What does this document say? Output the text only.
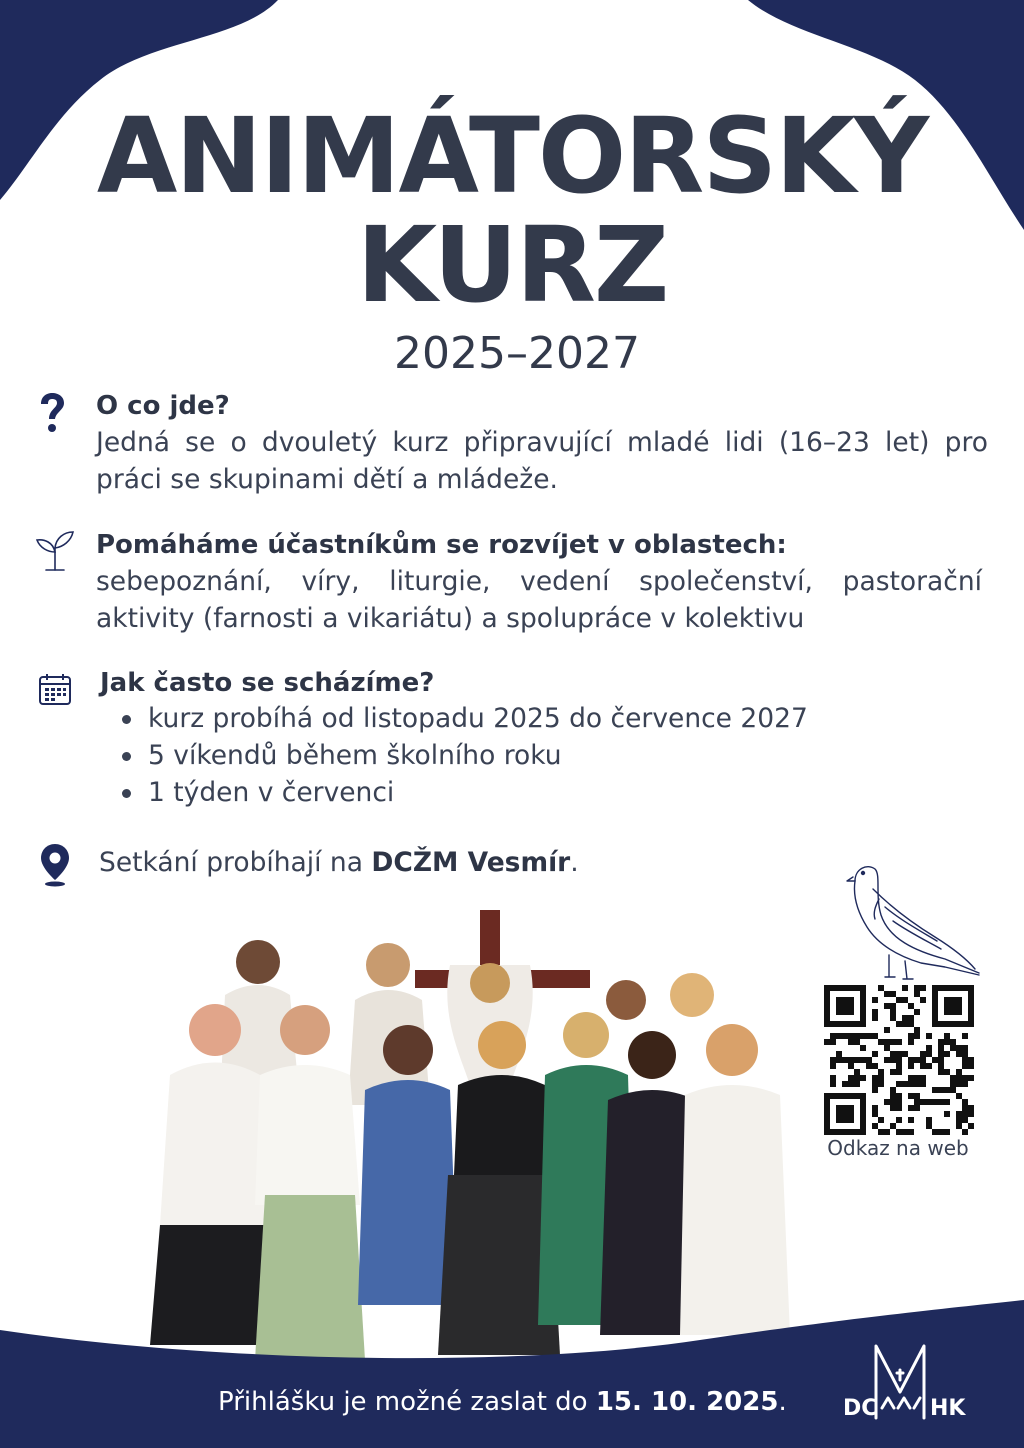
ANIMÁTORSKÝ
KURZ
2025–2027
O co jde?
Jedná se o dvouletý kurz připravující mladé lidi (16–23 let) pro práci se skupinami dětí a mládeže.
Pomáháme účastníkům se rozvíjet v oblastech:
sebepoznání, víry, liturgie, vedení společenství, pastorační aktivity (farnosti a vikariátu) a spolupráce v kolektivu
Jak často se scházíme?
kurz probíhá od listopadu 2025 do července 2027
5 víkendů během školního roku
1 týden v červenci
Setkání probíhají na DCŽM Vesmír.
Odkaz na web
Přihlášku je možné zaslat do 15. 10. 2025.	DC HK
